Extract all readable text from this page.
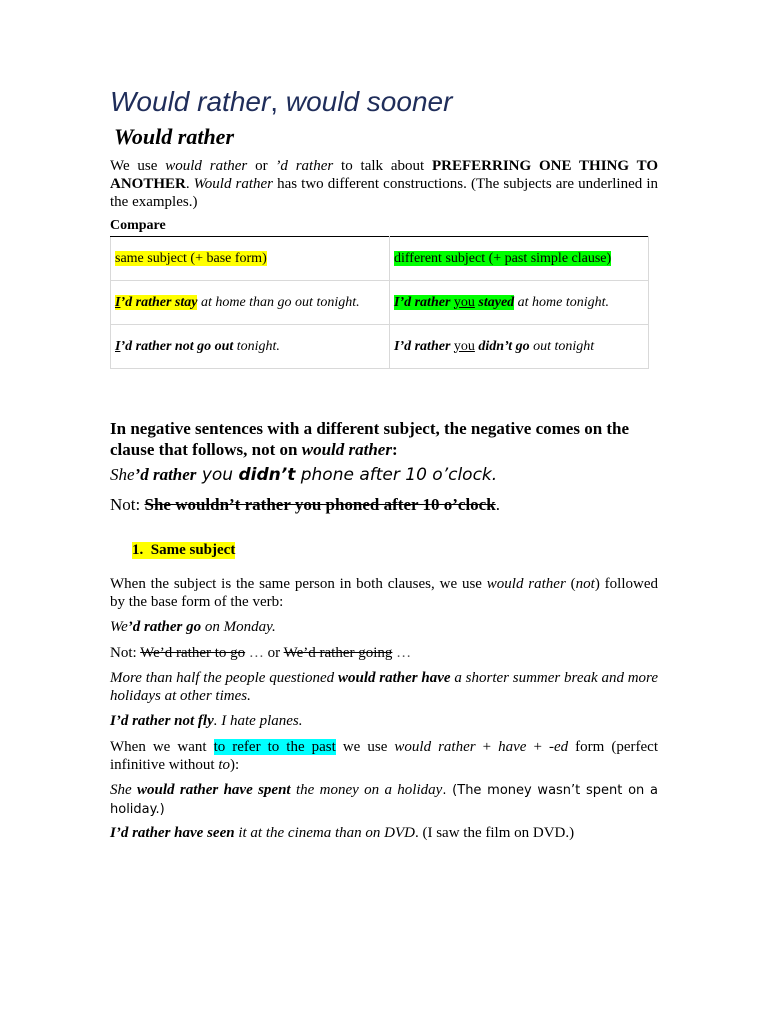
Would rather, would sooner
Would rather

We use would rather or ’d rather to talk about PREFERRING ONE THING TO ANOTHER. Would rather has two different constructions. (The subjects are underlined in the examples.)

Compare
same subject (+ base form)	different subject (+ past simple clause)
I’d rather stay at home than go out tonight.	I’d rather you stayed at home tonight.
I’d rather not go out tonight.	I’d rather you didn’t go out tonight

In negative sentences with a different subject, the negative comes on the clause that follows, not on would rather:

She’d rather you didn’t phone after 10 o’clock.

Not: She wouldn’t rather you phoned after 10 o’clock.

1.  Same subject

When the subject is the same person in both clauses, we use would rather (not) followed by the base form of the verb:

We’d rather go on Monday.

Not: We’d rather to go … or We’d rather going …

More than half the people questioned would rather have a shorter summer break and more holidays at other times.

I’d rather not fly. I hate planes.

When we want to refer to the past we use would rather + have + -ed form (perfect infinitive without to):

She would rather have spent the money on a holiday. (The money wasn’t spent on a holiday.)

I’d rather have seen it at the cinema than on DVD. (I saw the film on DVD.)
